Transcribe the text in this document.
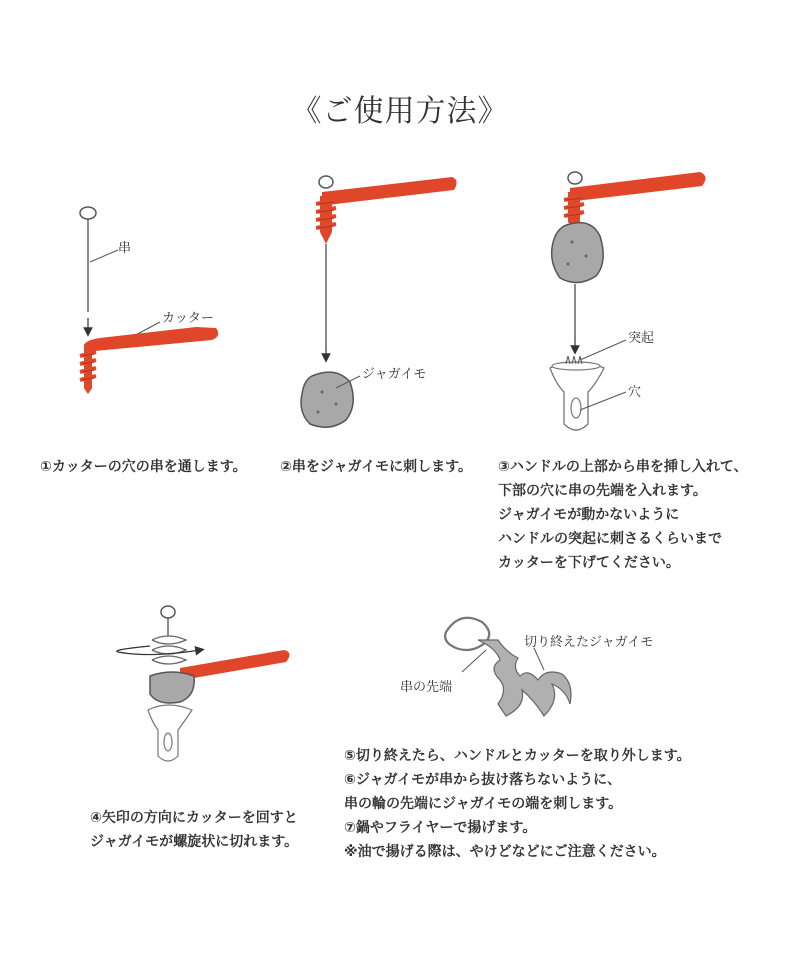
《ご使用方法》
串
カッター
ジャガイモ
突起
穴
切り終えたジャガイモ
串の先端
①カッターの穴の串を通します。 ②串をジャガイモに刺します。 ③ハンドルの上部から串を挿し入れて、
下部の穴に串の先端を入れます。
ジャガイモが動かないように
ハンドルの突起に刺さるくらいまで
カッターを下げてください。
④矢印の方向にカッターを回すと
ジャガイモが螺旋状に切れます。
⑤切り終えたら、ハンドルとカッターを取り外します。
⑥ジャガイモが串から抜け落ちないように、
串の輪の先端にジャガイモの端を刺します。
⑦鍋やフライヤーで揚げます。
※油で揚げる際は、やけどなどにご注意ください。
